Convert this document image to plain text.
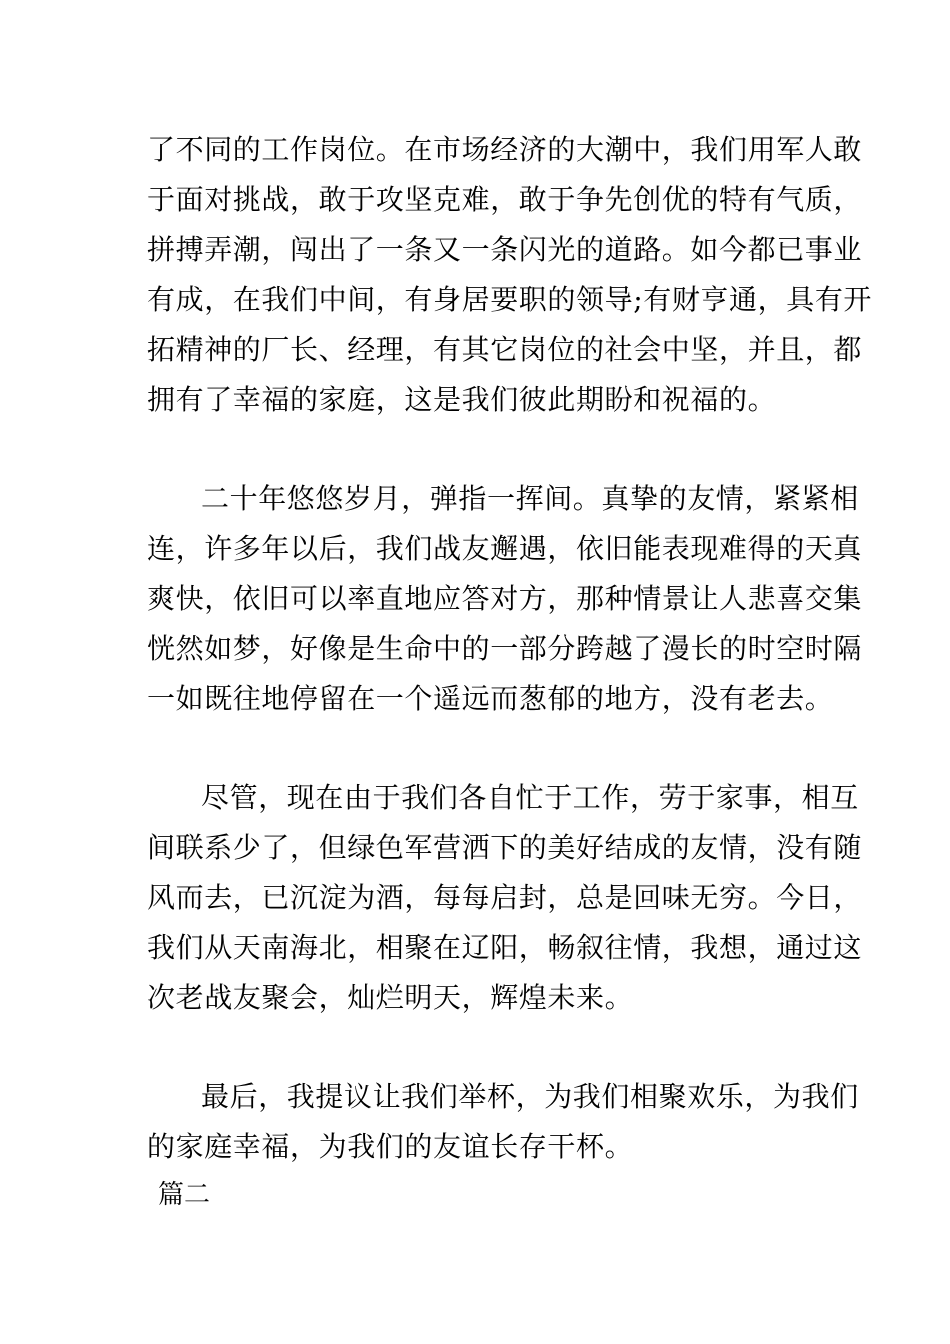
了不同的工作岗位。在市场经济的大潮中，我们用军人敢
于面对挑战，敢于攻坚克难，敢于争先创优的特有气质，
拼搏弄潮，闯出了一条又一条闪光的道路。如今都已事业
有成，在我们中间，有身居要职的领导;有财亨通，具有开
拓精神的厂长、经理，有其它岗位的社会中坚，并且，都
拥有了幸福的家庭，这是我们彼此期盼和祝福的。
二十年悠悠岁月，弹指一挥间。真挚的友情，紧紧相
连，许多年以后，我们战友邂遇，依旧能表现难得的天真
爽快，依旧可以率直地应答对方，那种情景让人悲喜交集
恍然如梦，好像是生命中的一部分跨越了漫长的时空时隔
一如既往地停留在一个遥远而葱郁的地方，没有老去。
尽管，现在由于我们各自忙于工作，劳于家事，相互
间联系少了，但绿色军营洒下的美好结成的友情，没有随
风而去，已沉淀为酒，每每启封，总是回味无穷。今日，
我们从天南海北，相聚在辽阳，畅叙往情，我想，通过这
次老战友聚会，灿烂明天，辉煌未来。
最后，我提议让我们举杯，为我们相聚欢乐，为我们
的家庭幸福，为我们的友谊长存干杯。
篇二
